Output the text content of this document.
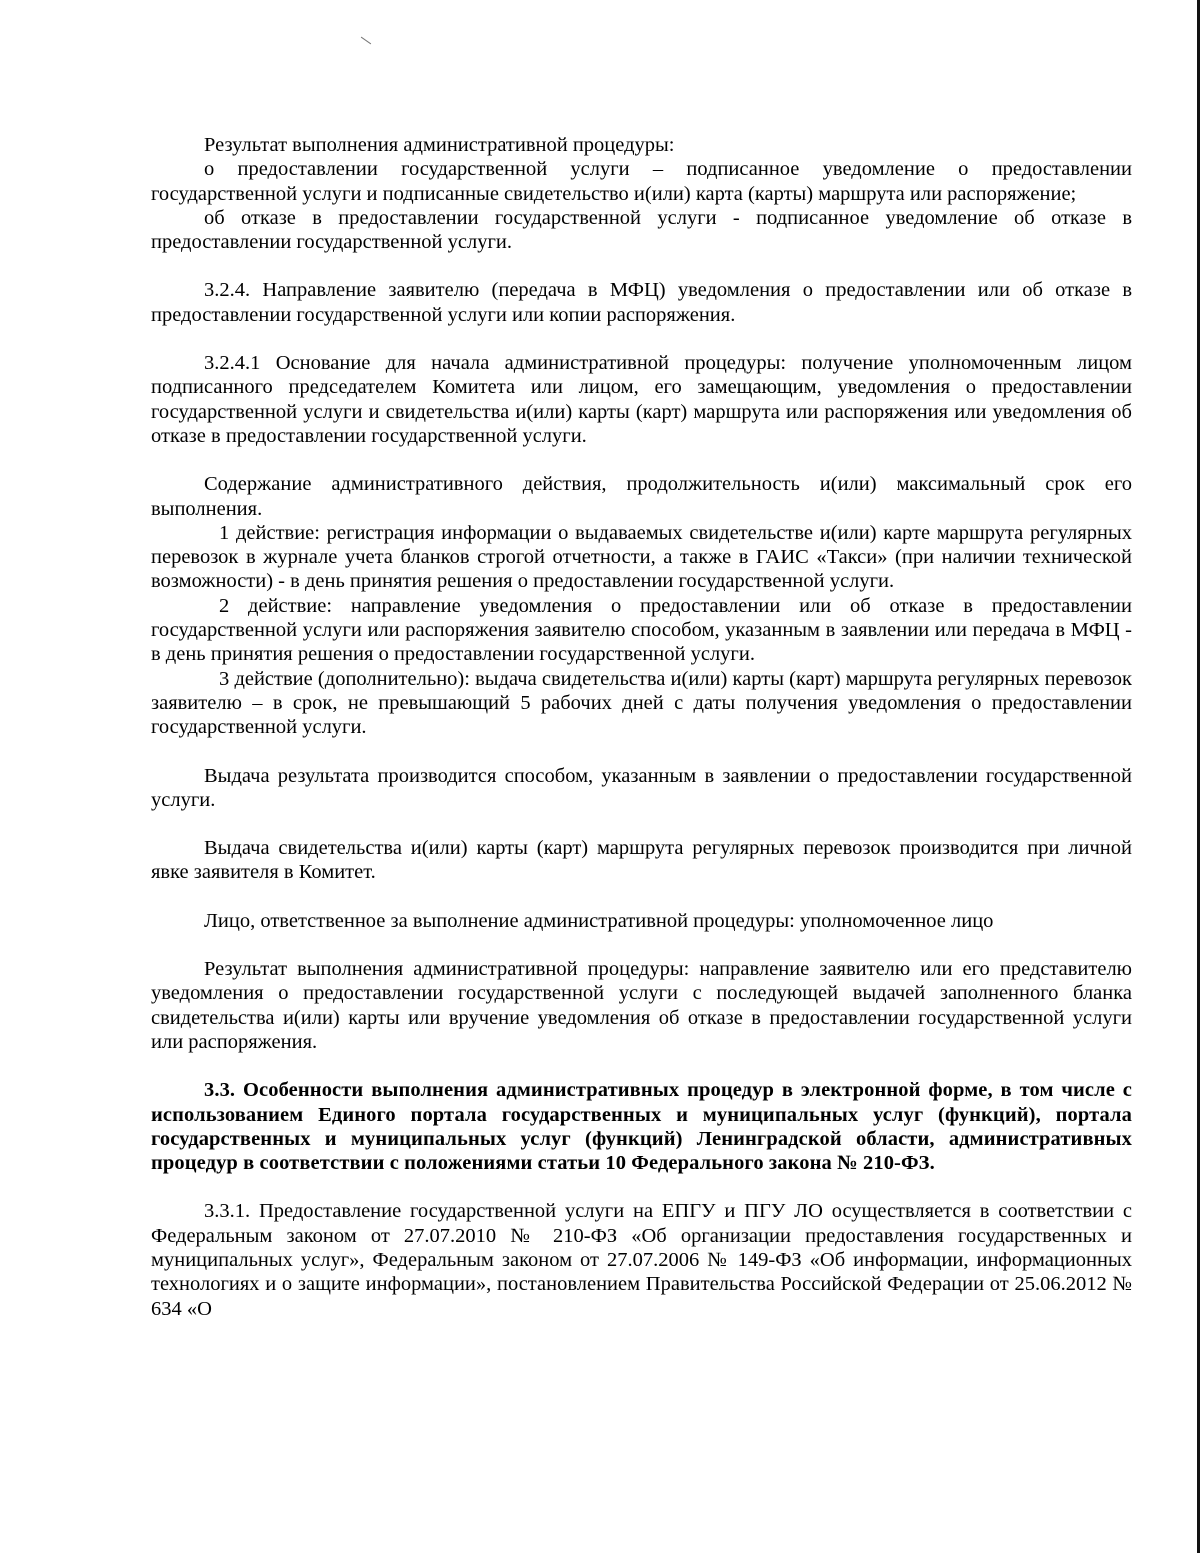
Результат выполнения административной процедуры:

о предоставлении государственной услуги – подписанное уведомление о предоставлении государственной услуги и подписанные свидетельство и(или) карта (карты) маршрута или распоряжение;

об отказе в предоставлении государственной услуги - подписанное уведомление об отказе в предоставлении государственной услуги.

3.2.4. Направление заявителю (передача в МФЦ) уведомления о предоставлении или об отказе в предоставлении государственной услуги или копии распоряжения.

3.2.4.1 Основание для начала административной процедуры: получение уполномоченным лицом подписанного председателем Комитета или лицом, его замещающим, уведомления о предоставлении государственной услуги и свидетельства и(или) карты (карт) маршрута или распоряжения или уведомления об отказе в предоставлении государственной услуги.

Содержание административного действия, продолжительность и(или) максимальный срок его выполнения.

1 действие: регистрация информации о выдаваемых свидетельстве и(или) карте маршрута регулярных перевозок в журнале учета бланков строгой отчетности, а также в ГАИС «Такси» (при наличии технической возможности) - в день принятия решения о предоставлении государственной услуги.

2 действие: направление уведомления о предоставлении или об отказе в предоставлении государственной услуги или распоряжения заявителю способом, указанным в заявлении или передача в МФЦ - в день принятия решения о предоставлении государственной услуги.

3 действие (дополнительно): выдача свидетельства и(или) карты (карт) маршрута регулярных перевозок заявителю – в срок, не превышающий 5 рабочих дней с даты получения уведомления о предоставлении государственной услуги.

Выдача результата производится способом, указанным в заявлении о предоставлении государственной услуги.

Выдача свидетельства и(или) карты (карт) маршрута регулярных перевозок производится при личной явке заявителя в Комитет.

Лицо, ответственное за выполнение административной процедуры: уполномоченное лицо

Результат выполнения административной процедуры: направление заявителю или его представителю уведомления о предоставлении государственной услуги с последующей выдачей заполненного бланка свидетельства и(или) карты или вручение уведомления об отказе в предоставлении государственной услуги или распоряжения.

3.3. Особенности выполнения административных процедур в электронной форме, в том числе с использованием Единого портала государственных и муниципальных услуг (функций), портала государственных и муниципальных услуг (функций) Ленинградской области, административных процедур в соответствии с положениями статьи 10 Федерального закона № 210-ФЗ.

3.3.1. Предоставление государственной услуги на ЕПГУ и ПГУ ЛО осуществляется в соответствии с Федеральным законом от 27.07.2010 № 210-ФЗ «Об организации предоставления государственных и муниципальных услуг», Федеральным законом от 27.07.2006 № 149-ФЗ «Об информации, информационных технологиях и о защите информации», постановлением Правительства Российской Федерации от 25.06.2012 № 634 «О
